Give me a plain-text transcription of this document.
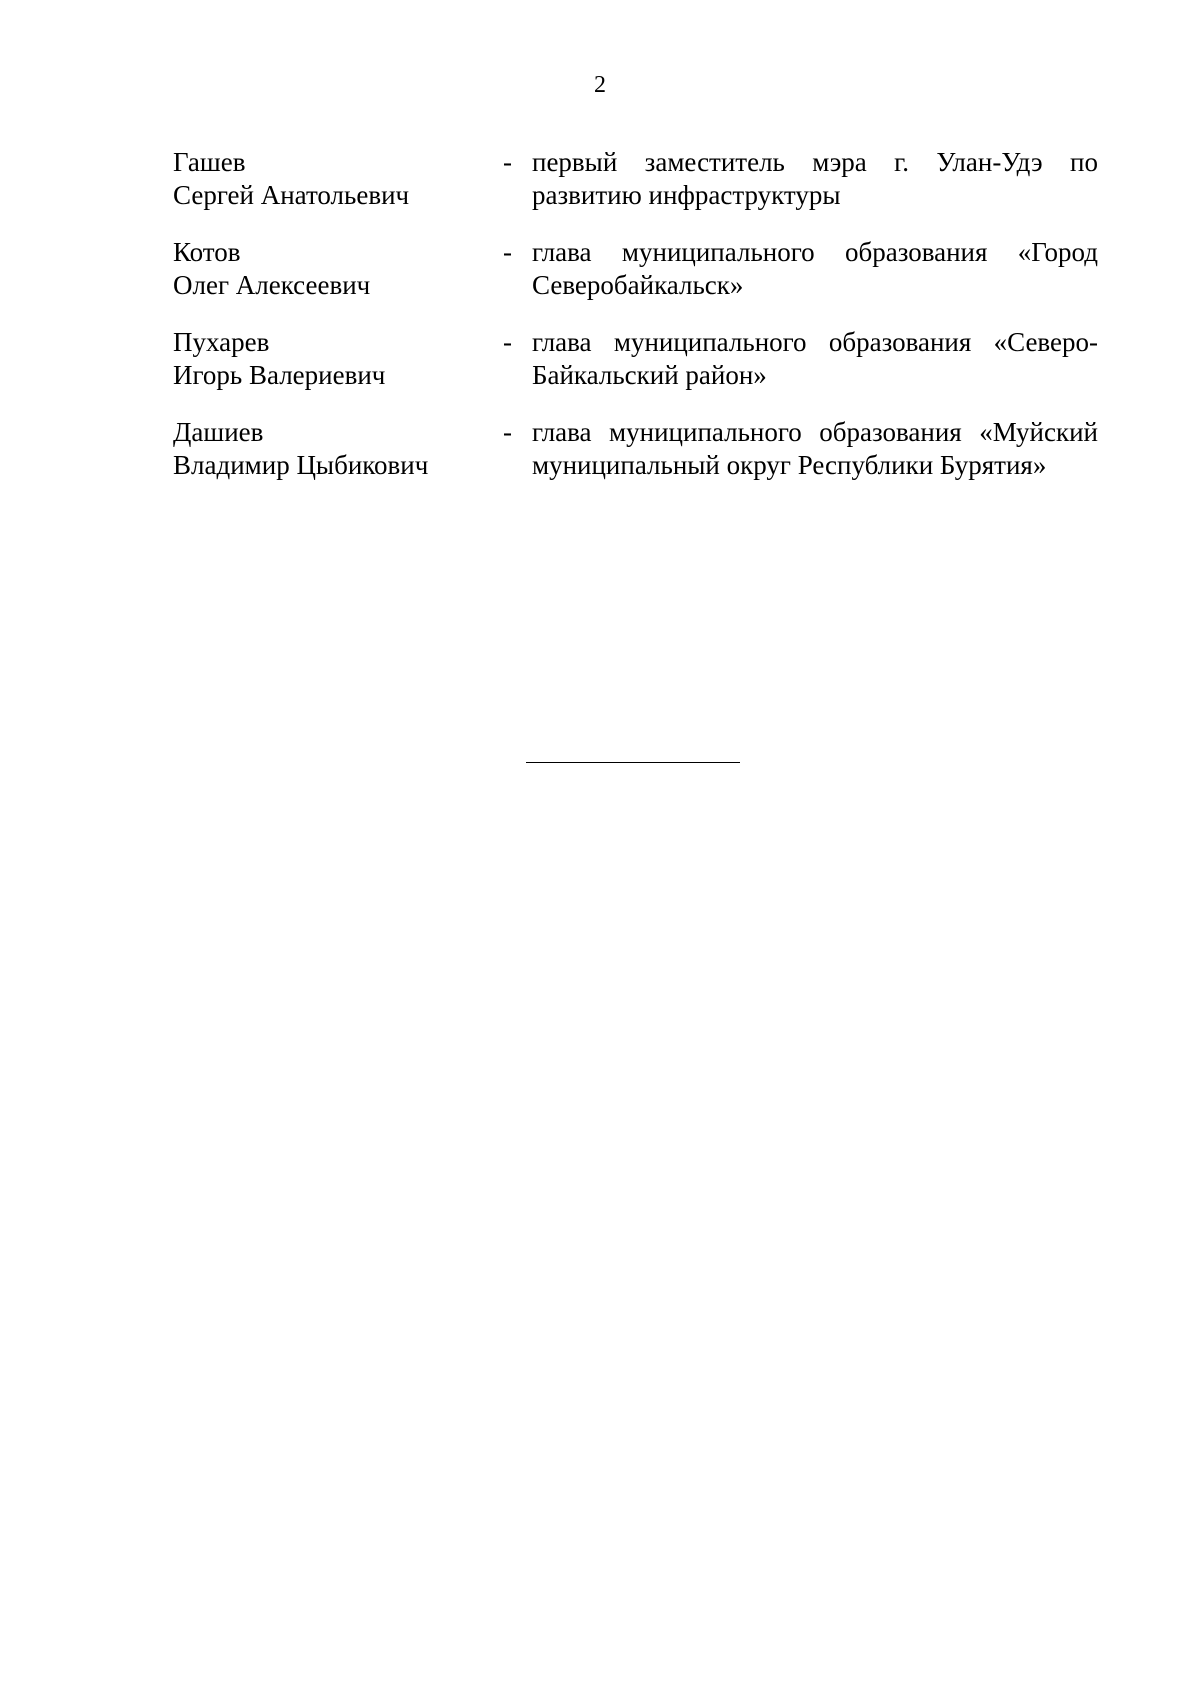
2
Гашев
Сергей Анатольевич
- первый заместитель мэра г. Улан-Удэ по развитию инфраструктуры
Котов
Олег Алексеевич
- глава муниципального образования «Город Северобайкальск»
Пухарев
Игорь Валериевич
- глава муниципального образования «Северо-Байкальский район»
Дашиев
Владимир Цыбикович
- глава муниципального образования «Муйский муниципальный округ Республики Бурятия»
